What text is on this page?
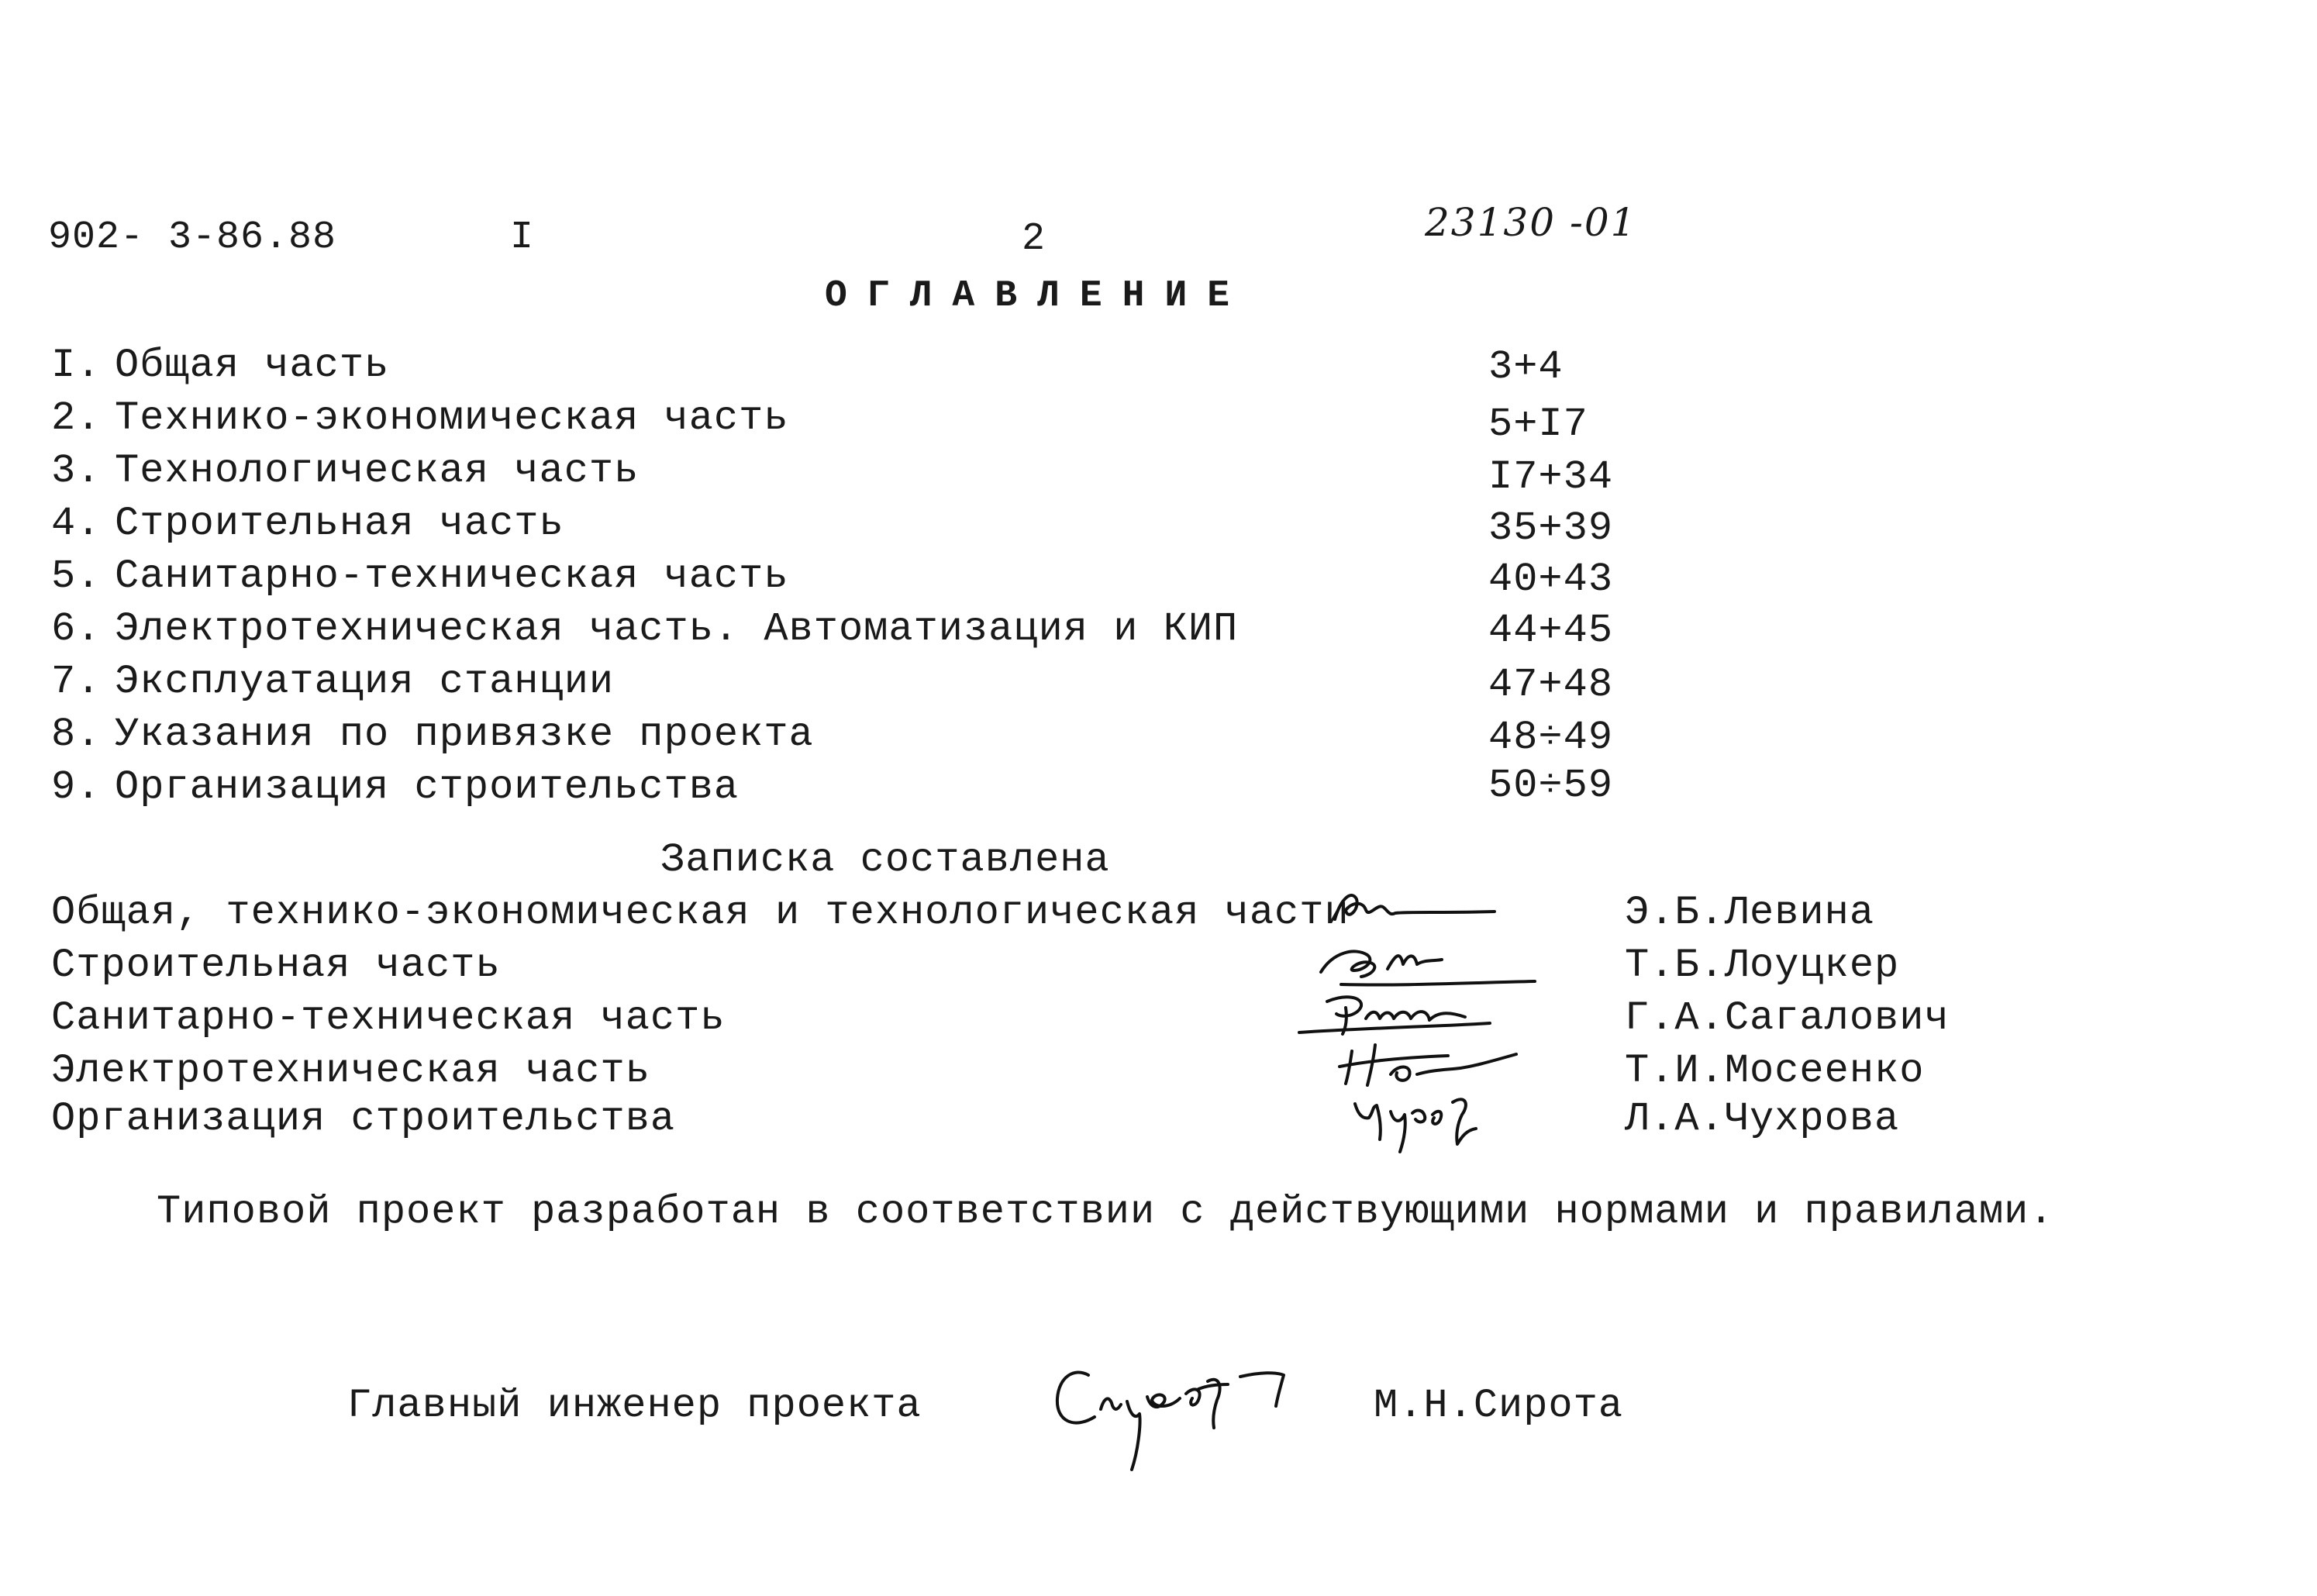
902- 3-86.88	I	2	23130 -01
ОГЛАВЛЕНИЕ
I. Общая часть	3+4
2. Технико-экономическая часть	5+I7
3. Технологическая часть	I7+34
4. Строительная часть	35+39
5. Санитарно-техническая часть	40+43
6. Электротехническая часть. Автоматизация и КИП	44+45
7. Эксплуатация станции	47+48
8. Указания по привязке проекта	48÷49
9. Организация строительства	50÷59
Записка составлена
Общая, технико-экономическая и технологическая части	Э.Б.Левина
Строительная часть	Т.Б.Лоуцкер
Санитарно-техническая часть	Г.А.Сагалович
Электротехническая часть	Т.И.Мосеенко
Организация строительства	Л.А.Чухрова
Типовой проект разработан в соответствии с действующими нормами и правилами.
Главный инженер проекта	М.Н.Сирота
